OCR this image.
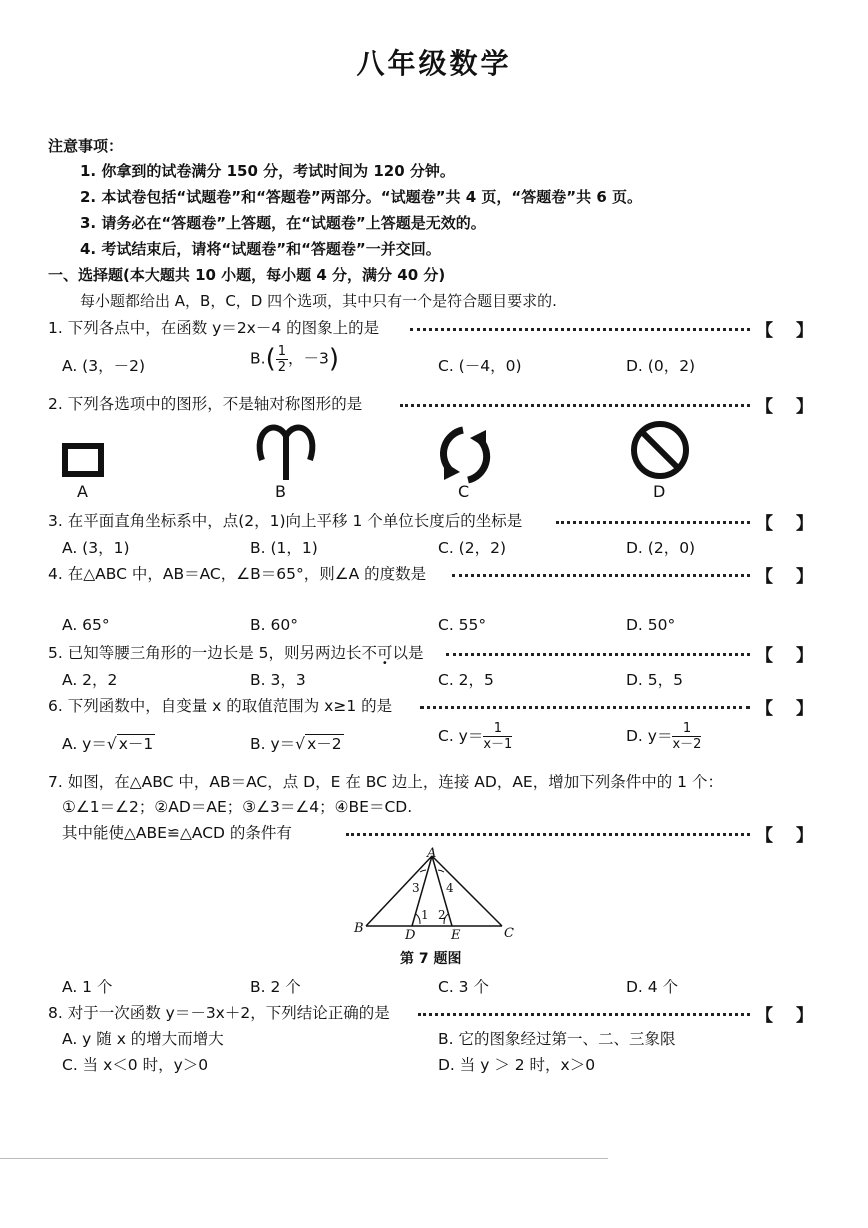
八年级数学
注意事项：
1. 你拿到的试卷满分 150 分，考试时间为 120 分钟。
2. 本试卷包括“试题卷”和“答题卷”两部分。“试题卷”共 4 页，“答题卷”共 6 页。
3. 请务必在“答题卷”上答题，在“试题卷”上答题是无效的。
4. 考试结束后，请将“试题卷”和“答题卷”一并交回。
一、选择题(本大题共 10 小题，每小题 4 分，满分 40 分)
每小题都给出 A，B，C，D 四个选项，其中只有一个是符合题目要求的.
1. 下列各点中，在函数 y＝2x－4 的图象上的是	【 】
A. (3，－2)	$B.( \frac{1}{2}$ ，－3)	C. (－4，0)	D. (0，2)
2. 下列各选项中的图形，不是轴对称图形的是	【 】
A	B	C	D
3. 在平面直角坐标系中，点(2，1)向上平移 1 个单位长度后的坐标是	【 】
A. (3，1)	B. (1，1)	C. (2，2)	D. (2，0)
4. 在△ABC 中，AB＝AC，∠B＝65°，则∠A 的度数是	【 】
A. 65°	B. 60°	C. 55°	D. 50°
5. 已知等腰三角形的一边长是 5，则另两边长不可以是	【 】
A. 2，2	B. 3，3	C. 2，5	D. 5，5
6. 下列函数中，自变量 x 的取值范围为 x≥1 的是	【 】
A. y＝√ x－1	B. y＝√ x－2	C. $y= \frac{1}{x-1}$	D. $y= \frac{1}{x-2}$
7. 如图，在△ABC 中，AB＝AC，点 D，E 在 BC 边上，连接 AD，AE，增加下列条件中的 1 个：
①∠1＝∠2；②AD＝AE；③∠3＝∠4；④BE＝CD.
其中能使△ABE≌△ACD 的条件有	【 】
A
B	C
D	E
1 2
3 4
第 7 题图
A. 1 个	B. 2 个	C. 3 个	D. 4 个
8. 对于一次函数 y＝－3x＋2，下列结论正确的是	【 】
A. y 随 x 的增大而增大	B. 它的图象经过第一、二、三象限
C. 当 x＜0 时，y＞0	D. 当 y ＞ 2 时，x＞0
